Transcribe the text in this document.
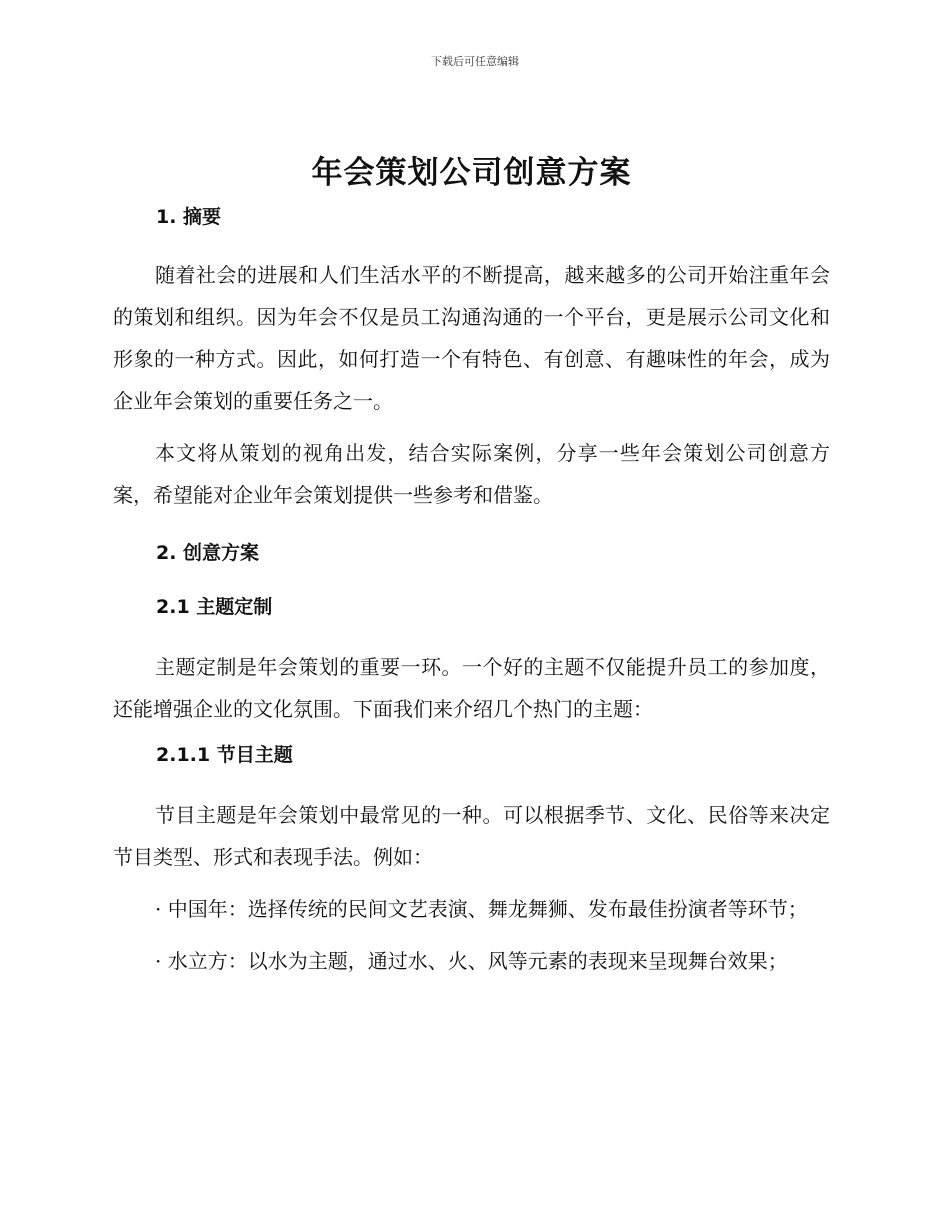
下载后可任意编辑
年会策划公司创意方案
1. 摘要

随着社会的进展和人们生活水平的不断提高，越来越多的公司开始注重年会的策划和组织。因为年会不仅是员工沟通沟通的一个平台，更是展示公司文化和形象的一种方式。因此，如何打造一个有特色、有创意、有趣味性的年会，成为企业年会策划的重要任务之一。

本文将从策划的视角出发，结合实际案例，分享一些年会策划公司创意方案，希望能对企业年会策划提供一些参考和借鉴。

2. 创意方案
2.1 主题定制

主题定制是年会策划的重要一环。一个好的主题不仅能提升员工的参加度，还能增强企业的文化氛围。下面我们来介绍几个热门的主题：

2.1.1 节目主题

节目主题是年会策划中最常见的一种。可以根据季节、文化、民俗等来决定节目类型、形式和表现手法。例如：

· 中国年：选择传统的民间文艺表演、舞龙舞狮、发布最佳扮演者等环节；

· 水立方：以水为主题，通过水、火、风等元素的表现来呈现舞台效果；
